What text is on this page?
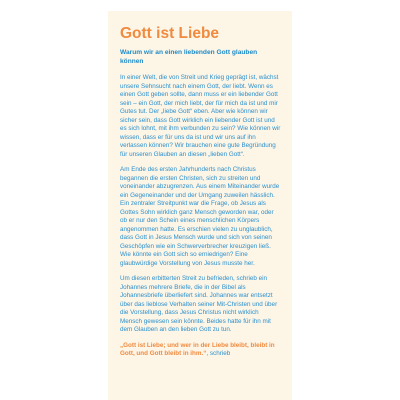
Gott ist Liebe
Warum wir an einen liebenden Gott glauben können

In einer Welt, die von Streit und Krieg geprägt ist, wächst unsere Sehnsucht nach einem Gott, der liebt. Wenn es einen Gott geben sollte, dann muss er ein liebender Gott sein – ein Gott, der mich liebt, der für mich da ist und mir Gutes tut. Der „liebe Gott“ eben. Aber wie können wir sicher sein, dass Gott wirklich ein liebender Gott ist und es sich lohnt, mit ihm verbunden zu sein? Wie können wir wissen, dass er für uns da ist und wir uns auf ihn verlassen können? Wir brauchen eine gute Begründung für unseren Glauben an diesen „lieben Gott“.

Am Ende des ersten Jahrhunderts nach Christus begannen die ersten Christen, sich zu streiten und voneinander abzugrenzen. Aus einem Miteinander wurde ein Gegeneinander und der Umgang zuweilen hässlich. Ein zentraler Streitpunkt war die Frage, ob Jesus als Gottes Sohn wirklich ganz Mensch geworden war, oder ob er nur den Schein eines menschlichen Körpers angenommen hatte. Es erschien vielen zu unglaublich, dass Gott in Jesus Mensch wurde und sich von seinen Geschöpfen wie ein Schwerverbrecher kreuzigen ließ. Wie könnte ein Gott sich so erniedrigen? Eine glaubwürdige Vorstellung von Jesus musste her.

Um diesen erbitterten Streit zu befrieden, schrieb ein Johannes mehrere Briefe, die in der Bibel als Johannesbriefe überliefert sind. Johannes war entsetzt über das lieblose Verhalten seiner Mit-Christen und über die Vorstellung, dass Jesus Christus nicht wirklich Mensch gewesen sein könnte. Beides hatte für ihn mit dem Glauben an den lieben Gott zu tun.

„Gott ist Liebe; und wer in der Liebe bleibt, bleibt in Gott, und Gott bleibt in ihm.“, schrieb
